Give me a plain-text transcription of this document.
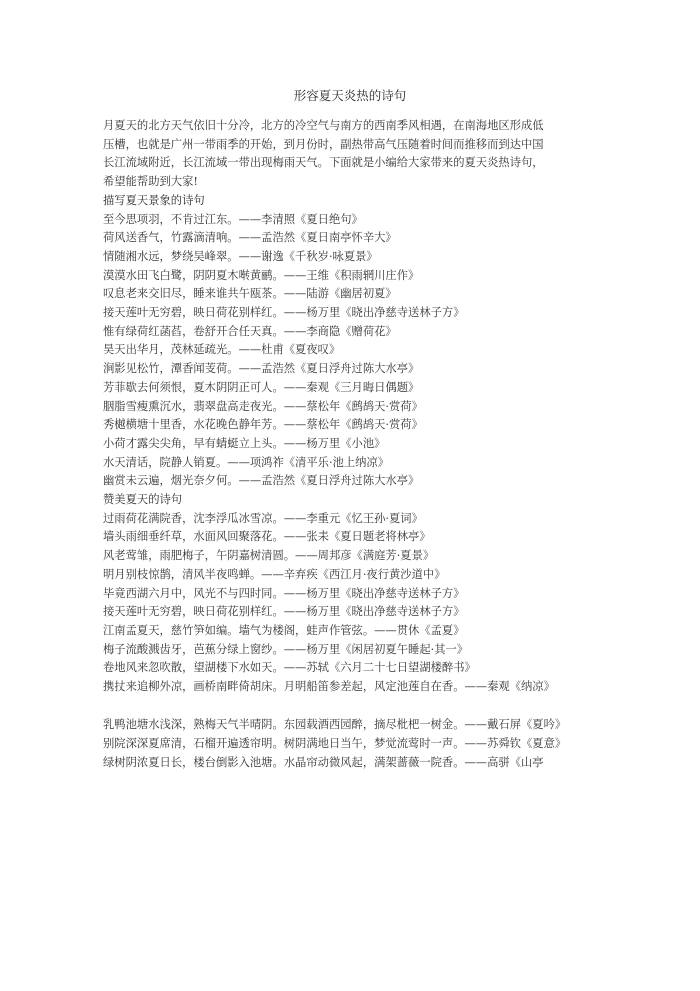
形容夏天炎热的诗句
月夏天的北方天气依旧十分冷，北方的冷空气与南方的西南季风相遇，在南海地区形成低
压槽，也就是广州一带雨季的开始，到月份时，副热带高气压随着时间而推移而到达中国
长江流域附近，长江流域一带出现梅雨天气。下面就是小编给大家带来的夏天炎热诗句，
希望能帮助到大家!

描写夏天景象的诗句

至今思项羽，不肯过江东。——李清照《夏日绝句》

荷风送香气，竹露滴清响。——孟浩然《夏日南亭怀辛大》

情随湘水远，梦绕吴峰翠。——谢逸《千秋岁·咏夏景》

漠漠水田飞白鹭，阴阴夏木啭黄鹂。——王维《积雨辋川庄作》

叹息老来交旧尽，睡来谁共午瓯茶。——陆游《幽居初夏》

接天莲叶无穷碧，映日荷花别样红。——杨万里《晓出净慈寺送林子方》

惟有绿荷红菡萏，卷舒开合任天真。——李商隐《赠荷花》

昊天出华月，茂林延疏光。——杜甫《夏夜叹》

涧影见松竹，潭香闻芰荷。——孟浩然《夏日浮舟过陈大水亭》

芳菲歇去何须恨，夏木阴阴正可人。——秦观《三月晦日偶题》

胭脂雪瘦熏沉水，翡翠盘高走夜光。——蔡松年《鹧鸪天·赏荷》

秀樾横塘十里香，水花晚色静年芳。——蔡松年《鹧鸪天·赏荷》

小荷才露尖尖角，早有蜻蜓立上头。——杨万里《小池》

水天清话，院静人销夏。——项鸿祚《清平乐·池上纳凉》

幽赏未云遍，烟光奈夕何。——孟浩然《夏日浮舟过陈大水亭》

赞美夏天的诗句

过雨荷花满院香，沈李浮瓜冰雪凉。——李重元《忆王孙·夏词》

墙头雨细垂纤草，水面风回聚落花。——张耒《夏日题老将林亭》

风老莺雏，雨肥梅子，午阴嘉树清圆。——周邦彦《满庭芳·夏景》

明月别枝惊鹊，清风半夜鸣蝉。——辛弃疾《西江月·夜行黄沙道中》

毕竟西湖六月中，风光不与四时同。——杨万里《晓出净慈寺送林子方》

接天莲叶无穷碧，映日荷花别样红。——杨万里《晓出净慈寺送林子方》

江南孟夏天，慈竹笋如编。墙气为楼阁，蛙声作管弦。——贯休《孟夏》

梅子流酸溅齿牙，芭蕉分绿上窗纱。——杨万里《闲居初夏午睡起·其一》

卷地风来忽吹散，望湖楼下水如天。——苏轼《六月二十七日望湖楼醉书》

携扙来追柳外凉，画桥南畔倚胡床。月明船笛参差起，风定池莲自在香。——秦观《纳凉》

乳鸭池塘水浅深，熟梅天气半晴阴。东园载酒西园醉，摘尽枇杷一树金。——戴石屏《夏吟》

别院深深夏席清，石榴开遍透帘明。树阴满地日当午，梦觉流莺时一声。——苏舜钦《夏意》

绿树阴浓夏日长，楼台倒影入池塘。水晶帘动微风起，满架蔷薇一院香。——高骈《山亭
